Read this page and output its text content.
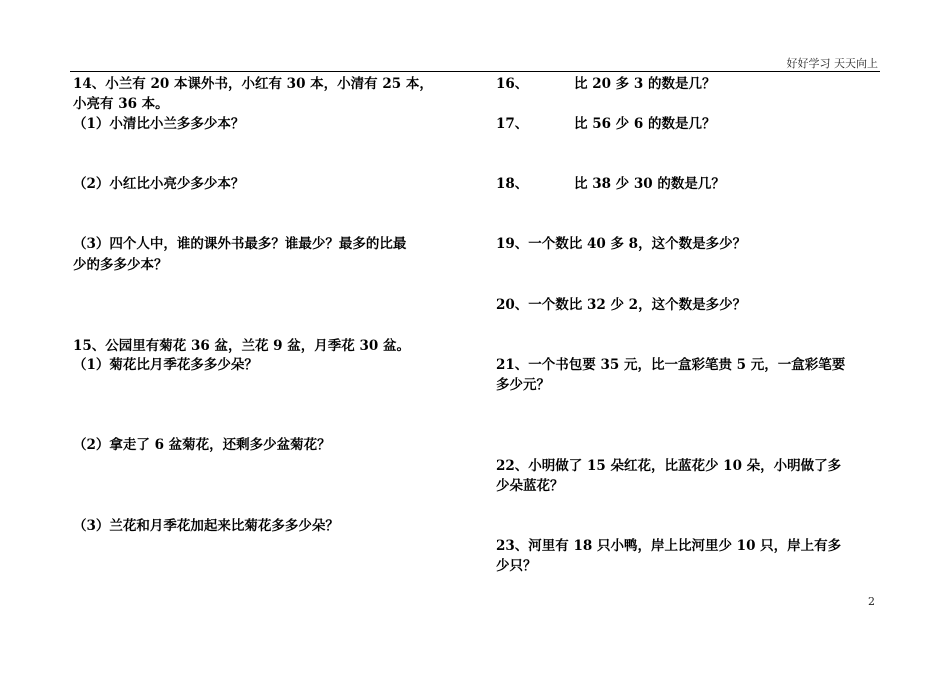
好好学习 天天向上
14、小兰有 20 本课外书，小红有 30 本，小清有 25 本，
小亮有 36 本。
（1）小清比小兰多多少本？
（2）小红比小亮少多少本？
（3）四个人中，谁的课外书最多？谁最少？最多的比最
少的多多少本？
15、公园里有菊花 36 盆，兰花 9 盆，月季花 30 盆。
（1）菊花比月季花多多少朵？
（2）拿走了 6 盆菊花，还剩多少盆菊花？
（3）兰花和月季花加起来比菊花多多少朵？
16、	比 20 多 3 的数是几？
17、	比 56 少 6 的数是几？
18、	比 38 少 30 的数是几？
19、一个数比 40 多 8，这个数是多少？
20、一个数比 32 少 2，这个数是多少？
21、一个书包要 35 元，比一盒彩笔贵 5 元，一盒彩笔要
多少元？
22、小明做了 15 朵红花，比蓝花少 10 朵，小明做了多
少朵蓝花？
23、河里有 18 只小鸭，岸上比河里少 10 只，岸上有多
少只？
2
